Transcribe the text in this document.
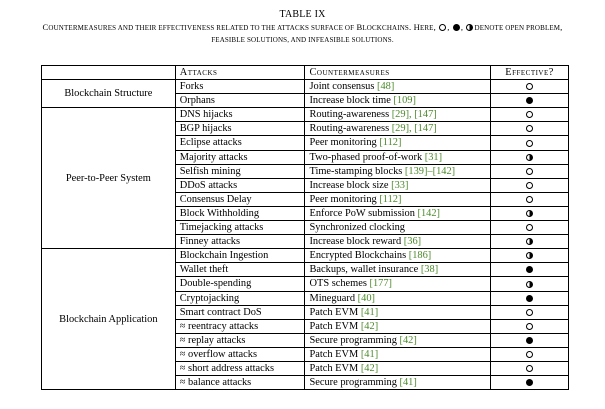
TABLE IX
COUNTERMEASURES AND THEIR EFFECTIVENESS RELATED TO THE ATTACKS SURFACE OF BLOCKCHAINS. HERE, , , DENOTE OPEN PROBLEM,
FEASIBLE SOLUTIONS, AND INFEASIBLE SOLUTIONS.
	Attacks	Countermeasures	Effective?
Blockchain Structure	Forks	Joint consensus [48]	
	Orphans	Increase block time [109]	
Peer-to-Peer System	DNS hijacks	Routing-awareness [29], [147]	
	BGP hijacks	Routing-awareness [29], [147]	
	Eclipse attacks	Peer monitoring [112]	
	Majority attacks	Two-phased proof-of-work [31]	
	Selfish mining	Time-stamping blocks [139]–[142]	
	DDoS attacks	Increase block size [33]	
	Consensus Delay	Peer monitoring [112]	
	Block Withholding	Enforce PoW submission [142]	
	Timejacking attacks	Synchronized clocking	
	Finney attacks	Increase block reward [36]	
Blockchain Application	Blockchain Ingestion	Encrypted Blockchains [186]	
	Wallet theft	Backups, wallet insurance [38]	
	Double-spending	OTS schemes [177]	
	Cryptojacking	Mineguard [40]	
	Smart contract DoS	Patch EVM [41]	
	≈ reentracy attacks	Patch EVM [42]	
	≈ replay attacks	Secure programming [42]	
	≈ overflow attacks	Patch EVM [41]	
	≈ short address attacks	Patch EVM [42]	
	≈ balance attacks	Secure programming [41]	
